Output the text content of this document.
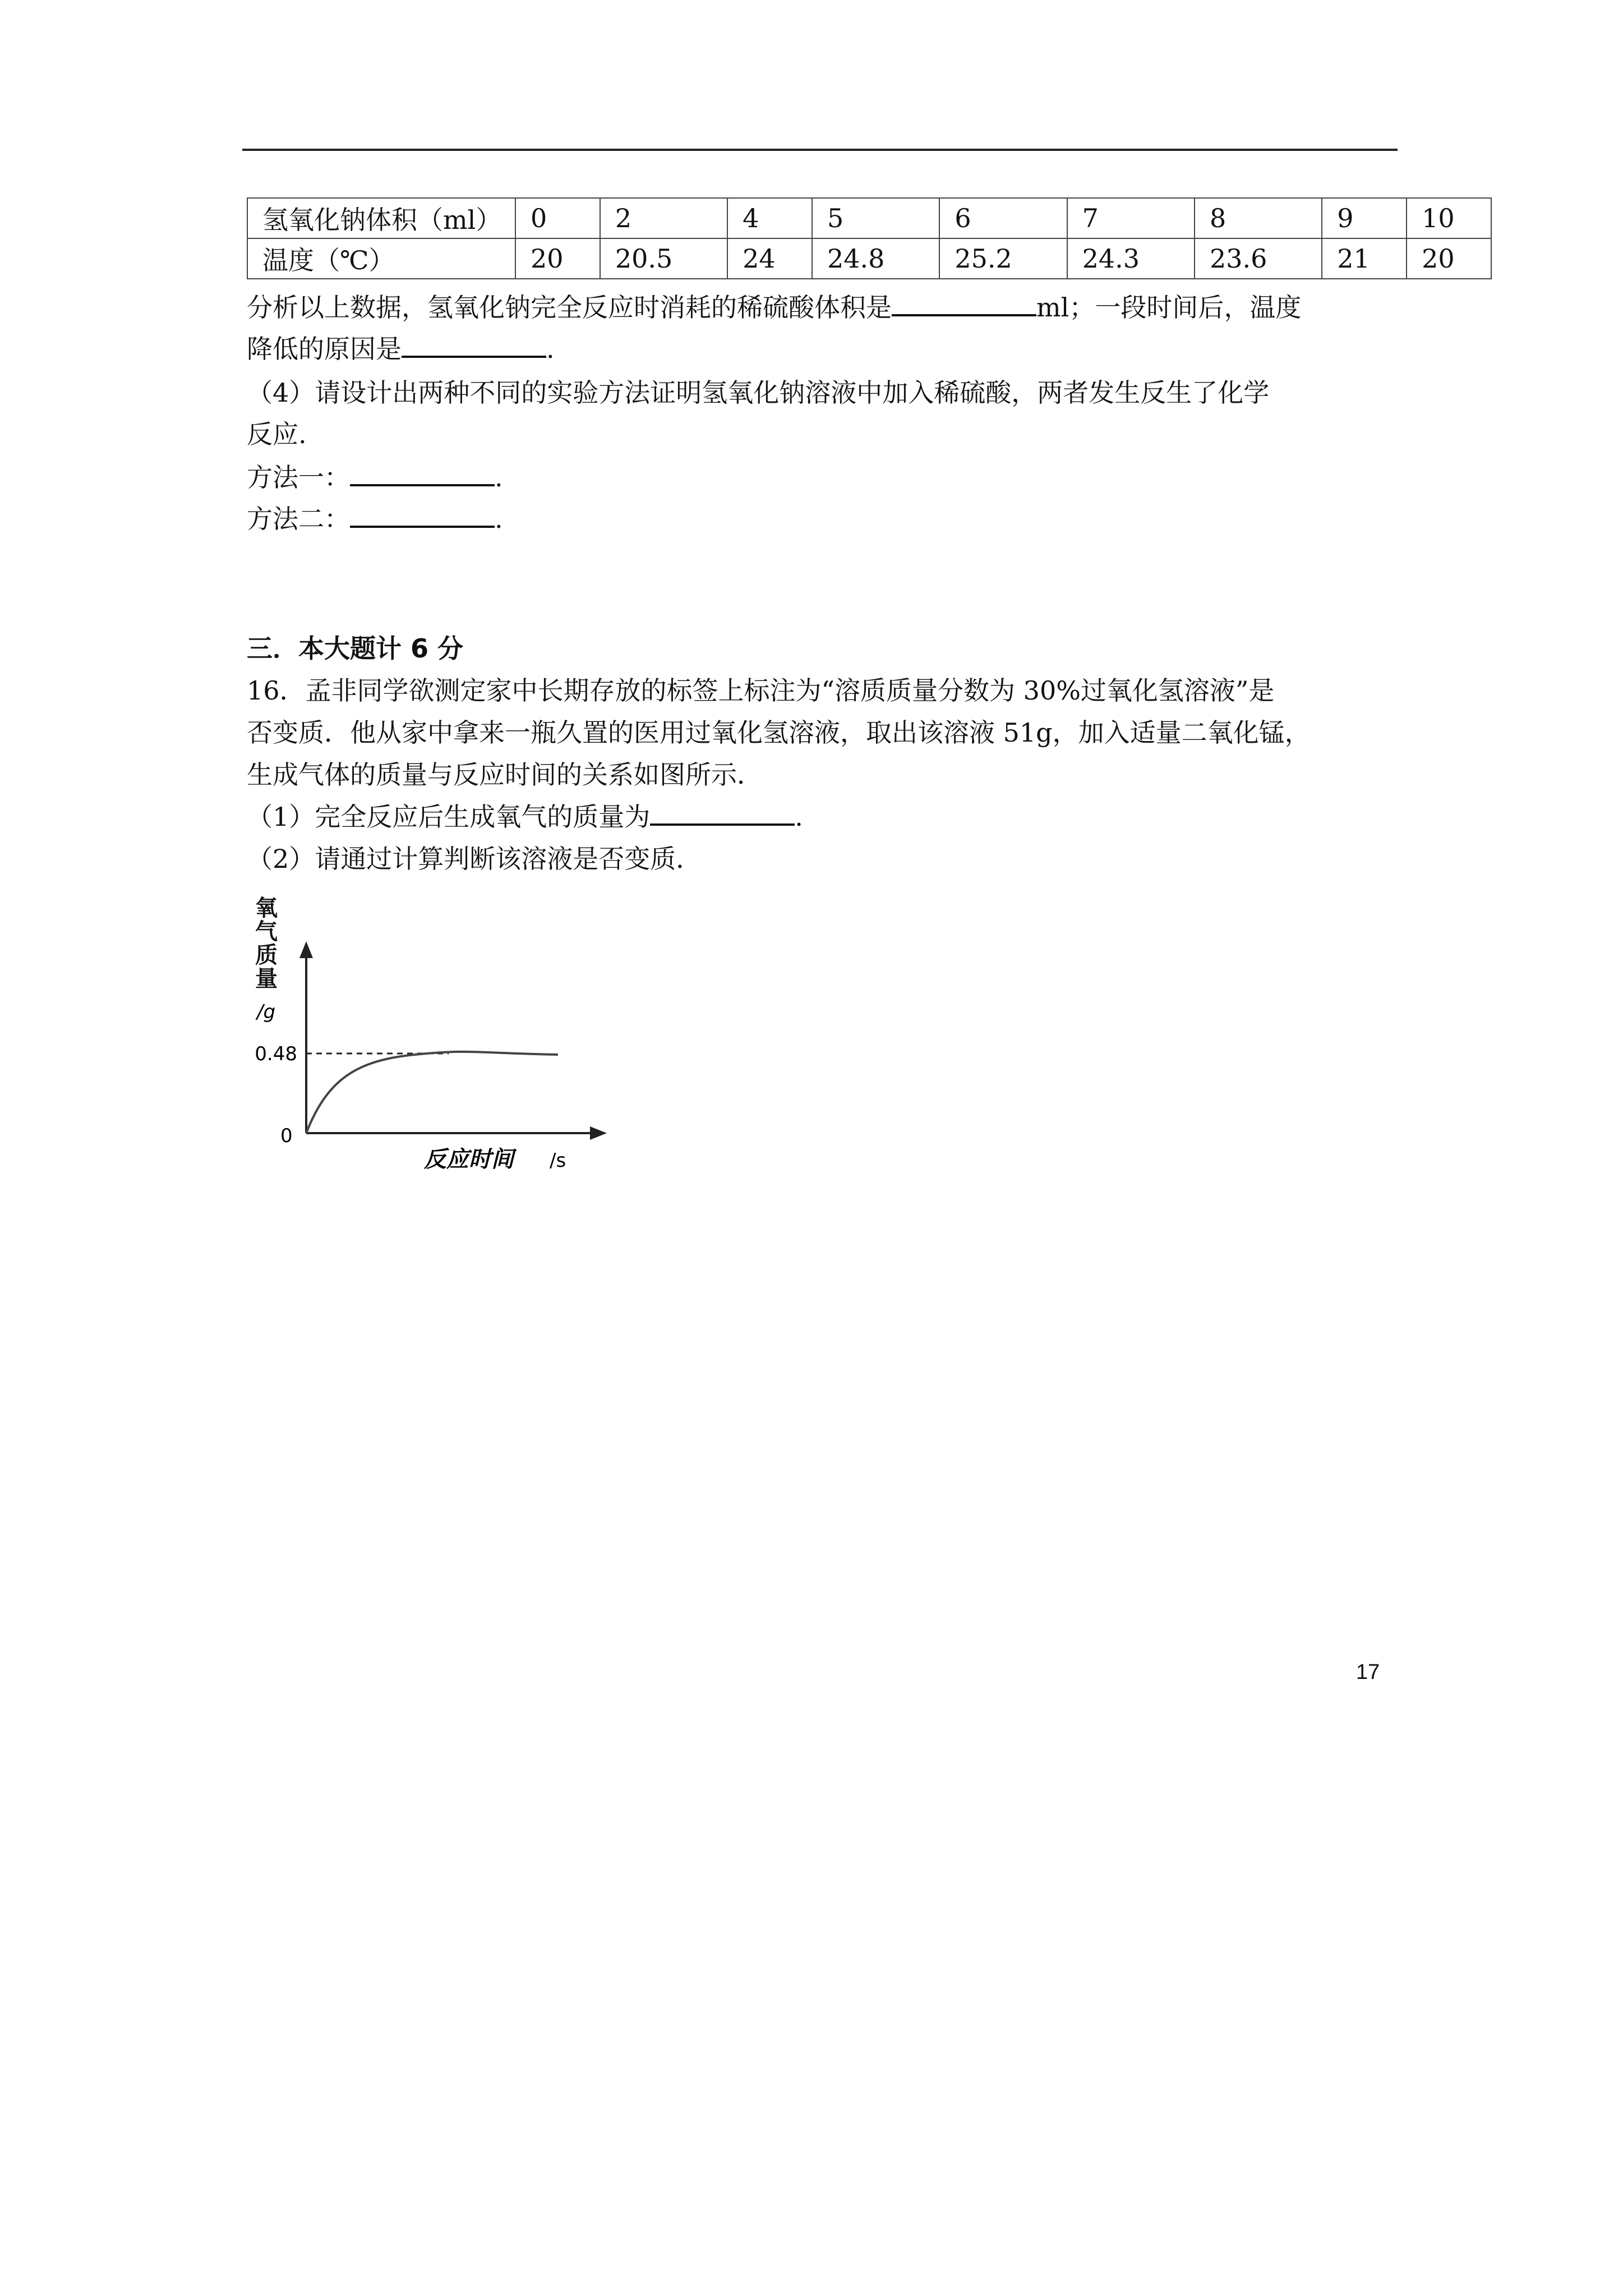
氢氧化钠体积（ml）	0	2	4	5	6	7	8	9	10
温度（℃）	20	20.5	24	24.8	25.2	24.3	23.6	21	20
分析以上数据，氢氧化钠完全反应时消耗的稀硫酸体积是	ml；一段时间后，温度
降低的原因是	.
（4）请设计出两种不同的实验方法证明氢氧化钠溶液中加入稀硫酸，两者发生反生了化学
反应.
方法一：	.
方法二：	.
三．本大题计 6 分
16．孟非同学欲测定家中长期存放的标签上标注为“溶质质量分数为 30%过氧化氢溶液”是
否变质．他从家中拿来一瓶久置的医用过氧化氢溶液，取出该溶液 51g，加入适量二氧化锰，
生成气体的质量与反应时间的关系如图所示．
（1）完全反应后生成氧气的质量为	.
（2）请通过计算判断该溶液是否变质．
氧
气
质
量
/g
0.48
0
反应时间 /s
17
